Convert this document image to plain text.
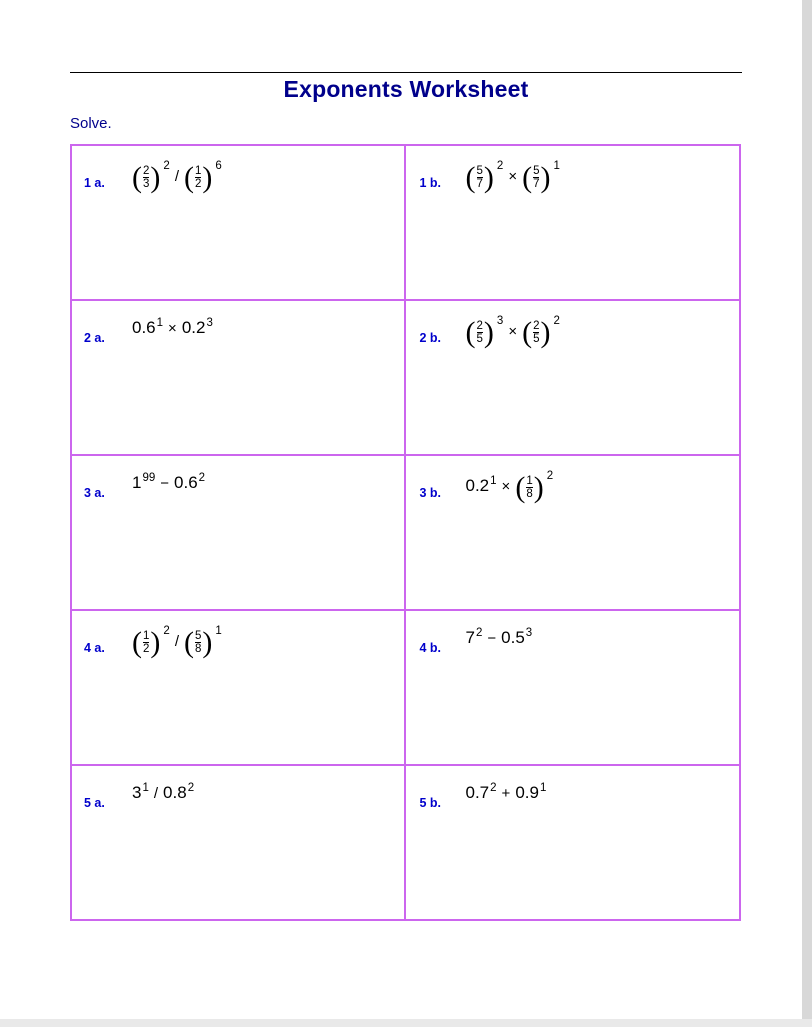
Exponents Worksheet
Solve.
1 a. ( $\frac{2}{3}$ ) $^2$/ ( $\frac{1}{2}$ ) $^6$
1 b. ( $\frac{5}{7}$ ) $^2$× ( $\frac{5}{7}$ ) $^1$
2 a.
$0.6^1 \times 0.2^3$
2 b. ( $\frac{2}{5}$ ) $^3$× ( $\frac{2}{5}$ ) $^2$
3 a.
$1^{99} - 0.6^2$
3 b. $0.2^1$ × ( $\frac{1}{8}$ ) $^2$
4 a. ( $\frac{1}{2}$ ) $^2$/ ( $\frac{5}{8}$ ) $^1$
4 b.
$7^2 - 0.5^3$
5 a.
$3^1 / 0.8^2$
5 b.
$0.7^2 + 0.9^1$
